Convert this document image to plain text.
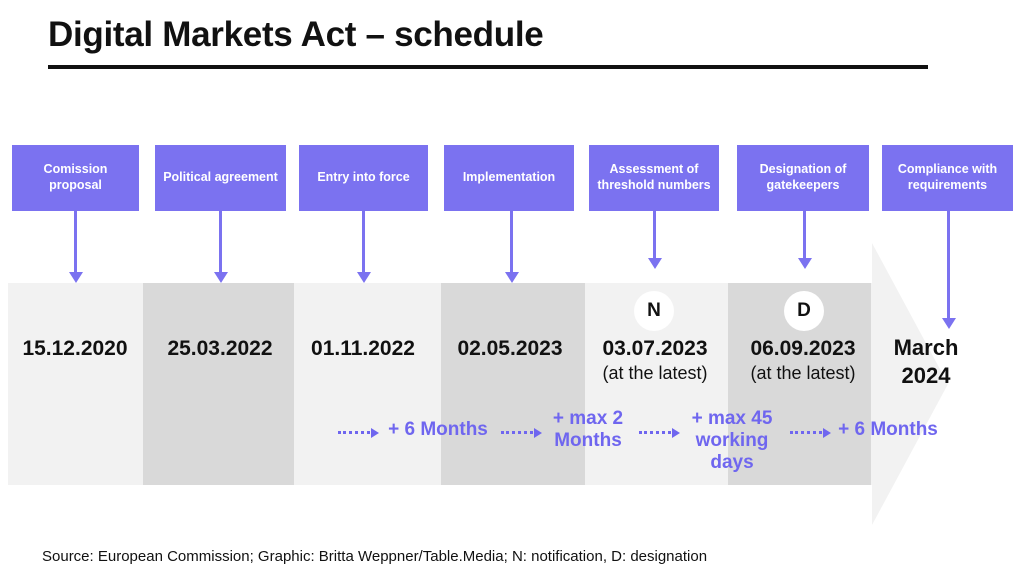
Digital Markets Act – schedule
Comission proposal
Political agreement	Entry into force	Implementation
Assessment of threshold numbers
Designation of gatekeepers
Compliance with requirements
N	D
15.12.2020	25.03.2022	01.11.2022	02.05.2023	03.07.2023
(at the latest)
06.09.2023
(at the latest)
March
2024
+ 6 Months
+ max 2 Months
+ max 45 working days
+ 6 Months
Source: European Commission; Graphic: Britta Weppner/Table.Media; N: notification, D: designation
